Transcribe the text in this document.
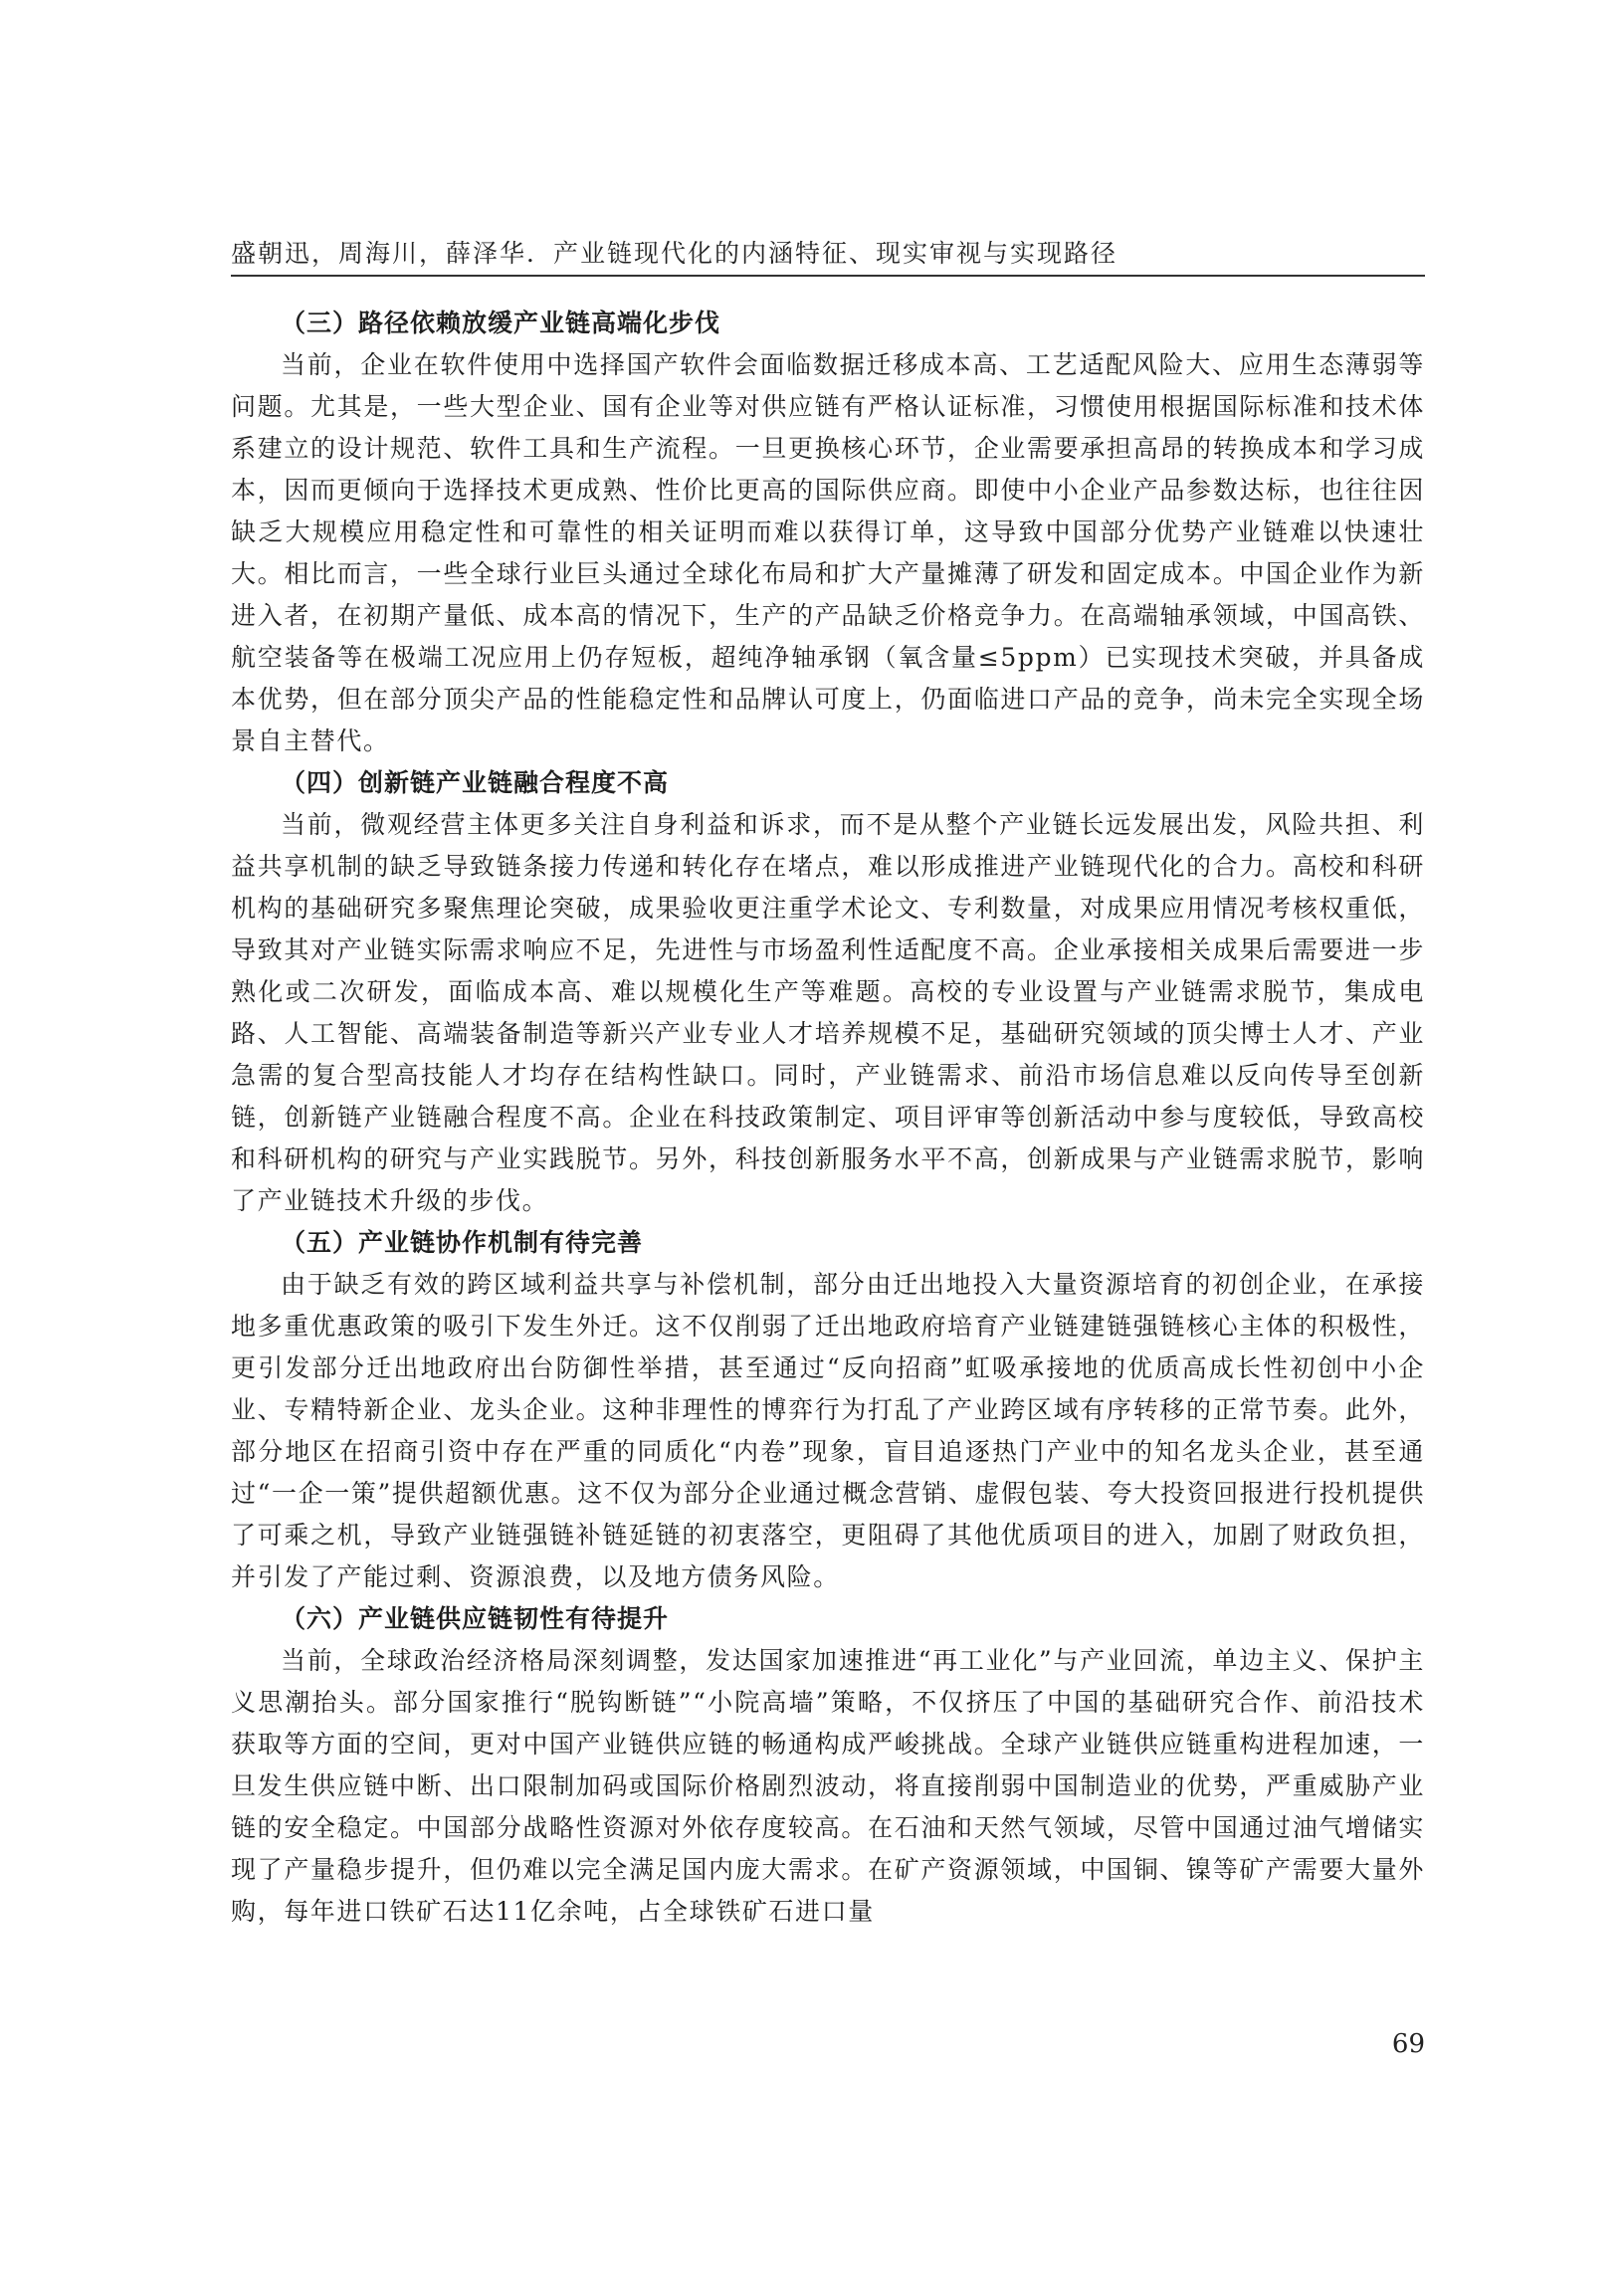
盛朝迅，周海川，薛泽华．产业链现代化的内涵特征、现实审视与实现路径
（三）路径依赖放缓产业链高端化步伐

当前，企业在软件使用中选择国产软件会面临数据迁移成本高、工艺适配风险大、应用生态薄弱等问题。尤其是，一些大型企业、国有企业等对供应链有严格认证标准，习惯使用根据国际标准和技术体系建立的设计规范、软件工具和生产流程。一旦更换核心环节，企业需要承担高昂的转换成本和学习成本，因而更倾向于选择技术更成熟、性价比更高的国际供应商。即使中小企业产品参数达标，也往往因缺乏大规模应用稳定性和可靠性的相关证明而难以获得订单，这导致中国部分优势产业链难以快速壮大。相比而言，一些全球行业巨头通过全球化布局和扩大产量摊薄了研发和固定成本。中国企业作为新进入者，在初期产量低、成本高的情况下，生产的产品缺乏价格竞争力。在高端轴承领域，中国高铁、航空装备等在极端工况应用上仍存短板，超纯净轴承钢（氧含量≤5ppm）已实现技术突破，并具备成本优势，但在部分顶尖产品的性能稳定性和品牌认可度上，仍面临进口产品的竞争，尚未完全实现全场景自主替代。

（四）创新链产业链融合程度不高

当前，微观经营主体更多关注自身利益和诉求，而不是从整个产业链长远发展出发，风险共担、利益共享机制的缺乏导致链条接力传递和转化存在堵点，难以形成推进产业链现代化的合力。高校和科研机构的基础研究多聚焦理论突破，成果验收更注重学术论文、专利数量，对成果应用情况考核权重低，导致其对产业链实际需求响应不足，先进性与市场盈利性适配度不高。企业承接相关成果后需要进一步熟化或二次研发，面临成本高、难以规模化生产等难题。高校的专业设置与产业链需求脱节，集成电路、人工智能、高端装备制造等新兴产业专业人才培养规模不足，基础研究领域的顶尖博士人才、产业急需的复合型高技能人才均存在结构性缺口。同时，产业链需求、前沿市场信息难以反向传导至创新链，创新链产业链融合程度不高。企业在科技政策制定、项目评审等创新活动中参与度较低，导致高校和科研机构的研究与产业实践脱节。另外，科技创新服务水平不高，创新成果与产业链需求脱节，影响了产业链技术升级的步伐。

（五）产业链协作机制有待完善

由于缺乏有效的跨区域利益共享与补偿机制，部分由迁出地投入大量资源培育的初创企业，在承接地多重优惠政策的吸引下发生外迁。这不仅削弱了迁出地政府培育产业链建链强链核心主体的积极性，更引发部分迁出地政府出台防御性举措，甚至通过“反向招商”虹吸承接地的优质高成长性初创中小企业、专精特新企业、龙头企业。这种非理性的博弈行为打乱了产业跨区域有序转移的正常节奏。此外，部分地区在招商引资中存在严重的同质化“内卷”现象，盲目追逐热门产业中的知名龙头企业，甚至通过“一企一策”提供超额优惠。这不仅为部分企业通过概念营销、虚假包装、夸大投资回报进行投机提供了可乘之机，导致产业链强链补链延链的初衷落空，更阻碍了其他优质项目的进入，加剧了财政负担，并引发了产能过剩、资源浪费，以及地方债务风险。

（六）产业链供应链韧性有待提升

当前，全球政治经济格局深刻调整，发达国家加速推进“再工业化”与产业回流，单边主义、保护主义思潮抬头。部分国家推行“脱钩断链”“小院高墙”策略，不仅挤压了中国的基础研究合作、前沿技术获取等方面的空间，更对中国产业链供应链的畅通构成严峻挑战。全球产业链供应链重构进程加速，一旦发生供应链中断、出口限制加码或国际价格剧烈波动，将直接削弱中国制造业的优势，严重威胁产业链的安全稳定。中国部分战略性资源对外依存度较高。在石油和天然气领域，尽管中国通过油气增储实现了产量稳步提升，但仍难以完全满足国内庞大需求。在矿产资源领域，中国铜、镍等矿产需要大量外购，每年进口铁矿石达11亿余吨，占全球铁矿石进口量

69
